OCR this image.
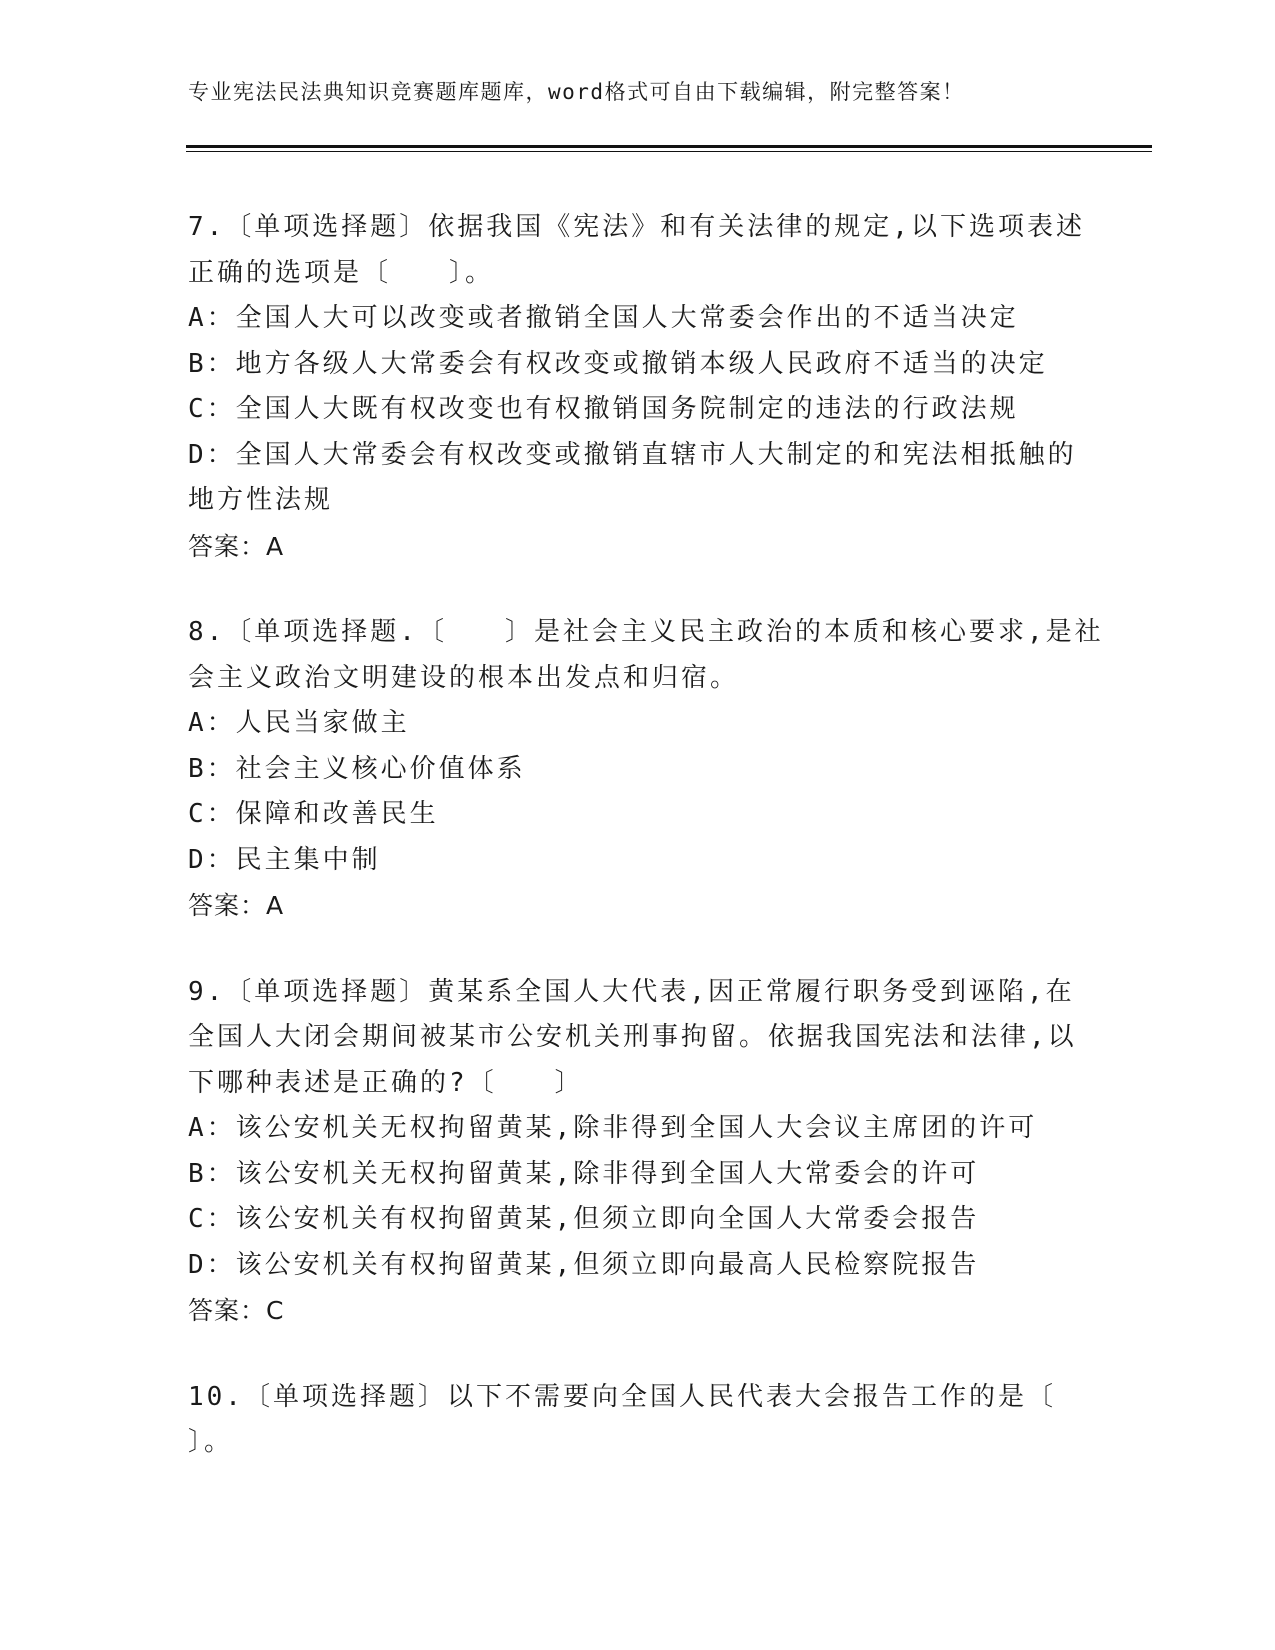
专业宪法民法典知识竞赛题库题库，word格式可自由下载编辑，附完整答案！
7.〔单项选择题〕依据我国《宪法》和有关法律的规定,以下选项表述
正确的选项是〔　　〕。
A：全国人大可以改变或者撤销全国人大常委会作出的不适当决定
B：地方各级人大常委会有权改变或撤销本级人民政府不适当的决定
C：全国人大既有权改变也有权撤销国务院制定的违法的行政法规
D：全国人大常委会有权改变或撤销直辖市人大制定的和宪法相抵触的
地方性法规
答案：A
8.〔单项选择题.〔　　〕是社会主义民主政治的本质和核心要求,是社
会主义政治文明建设的根本出发点和归宿。
A：人民当家做主
B：社会主义核心价值体系
C：保障和改善民生
D：民主集中制
答案：A
9.〔单项选择题〕黄某系全国人大代表,因正常履行职务受到诬陷,在
全国人大闭会期间被某市公安机关刑事拘留。依据我国宪法和法律,以
下哪种表述是正确的?〔　　〕
A：该公安机关无权拘留黄某,除非得到全国人大会议主席团的许可
B：该公安机关无权拘留黄某,除非得到全国人大常委会的许可
C：该公安机关有权拘留黄某,但须立即向全国人大常委会报告
D：该公安机关有权拘留黄某,但须立即向最高人民检察院报告
答案：C
10.〔单项选择题〕以下不需要向全国人民代表大会报告工作的是〔
〕。
